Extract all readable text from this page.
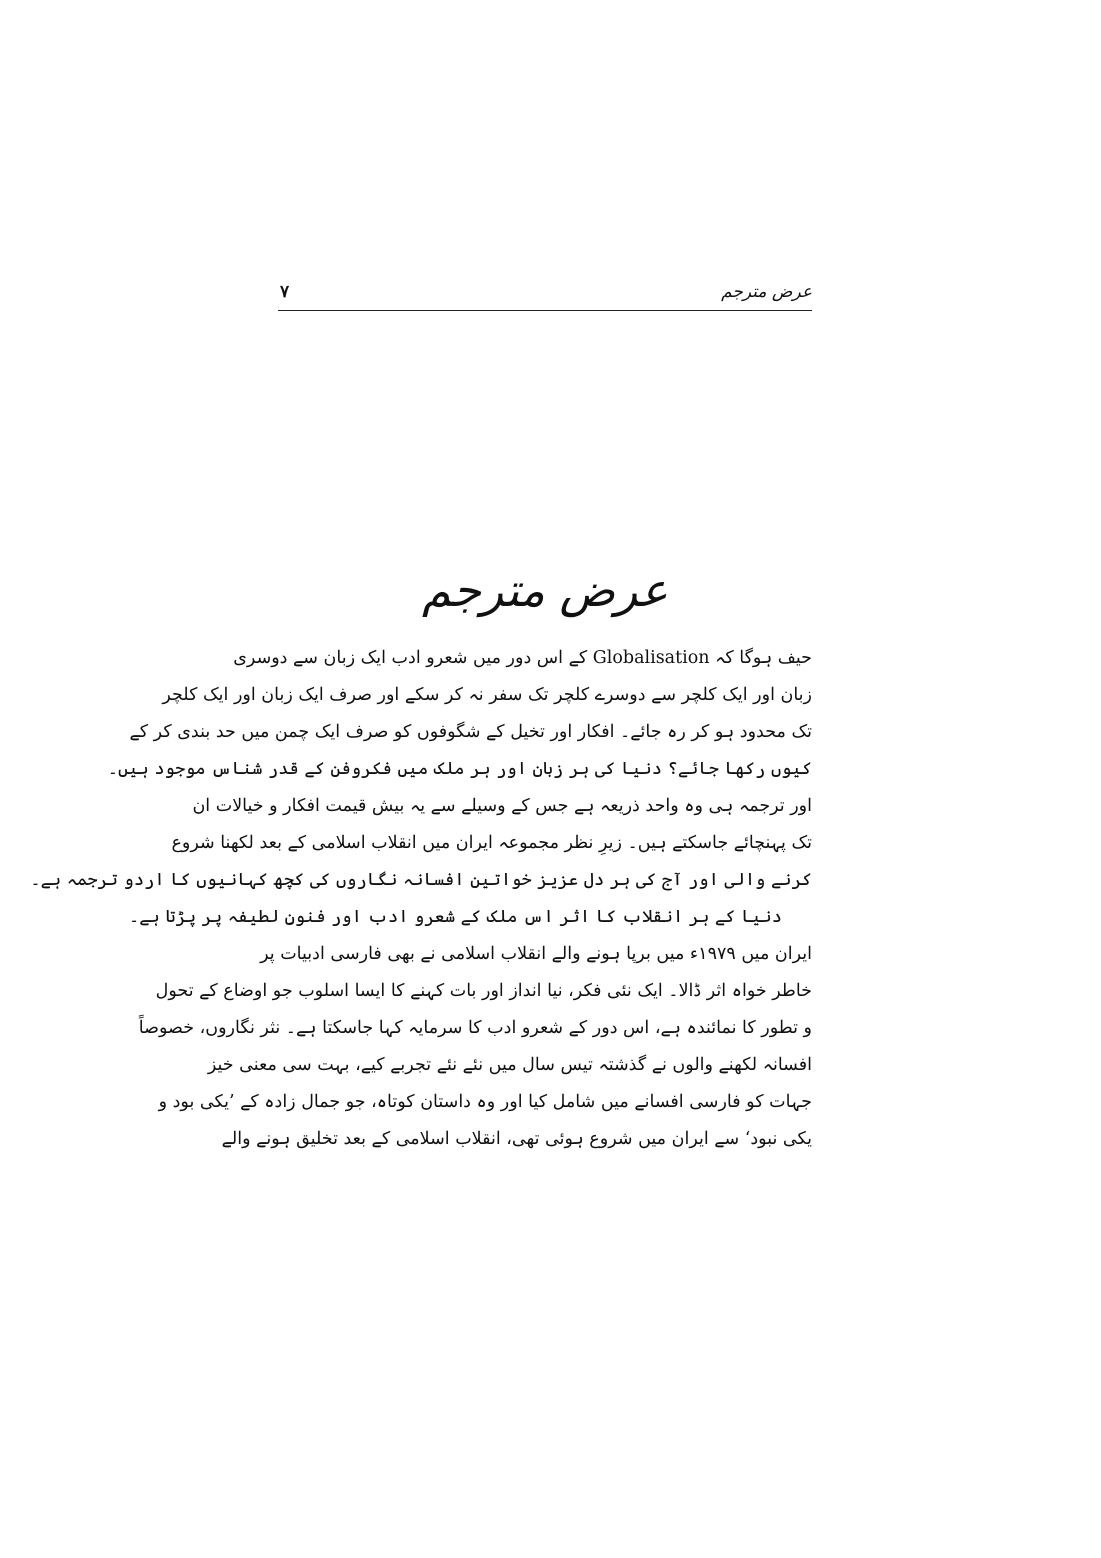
عرض مترجم
۷
عرض مترجم
حیف ہوگا کہ Globalisation کے اس دور میں شعرو ادب ایک زبان سے دوسری
زبان اور ایک کلچر سے دوسرے کلچر تک سفر نہ کر سکے اور صرف ایک زبان اور ایک کلچر
تک محدود ہو کر رہ جائے۔ افکار اور تخیل کے شگوفوں کو صرف ایک چمن میں حد بندی کر کے
کیوں رکھا جائے؟ دنیا کی ہر زبان اور ہر ملک میں فکروفن کے قدر شناس موجود ہیں۔
اور ترجمہ ہی وہ واحد ذریعہ ہے جس کے وسیلے سے یہ بیش قیمت افکار و خیالات ان
تک پہنچائے جاسکتے ہیں۔ زیرِ نظر مجموعہ ایران میں انقلاب اسلامی کے بعد لکھنا شروع
کرنے والی اور آج کی ہر دل عزیز خواتین افسانہ نگاروں کی کچھ کہانیوں کا اردو ترجمہ ہے۔
دنیا کے ہر انقلاب کا اثر اس ملک کے شعرو ادب اور فنونِ لطیفہ پر پڑتا ہے۔
ایران میں ۱۹۷۹ء میں برپا ہونے والے انقلاب اسلامی نے بھی فارسی ادبیات پر
خاطر خواہ اثر ڈالا۔ ایک نئی فکر، نیا انداز اور بات کہنے کا ایسا اسلوب جو اوضاع کے تحول
و تطور کا نمائندہ ہے، اس دور کے شعرو ادب کا سرمایہ کہا جاسکتا ہے۔ نثر نگاروں، خصوصاً
افسانہ لکھنے والوں نے گذشتہ تیس سال میں نئے نئے تجربے کیے، بہت سی معنی خیز
جہات کو فارسی افسانے میں شامل کیا اور وہ داستان کوتاہ، جو جمال زادہ کے ’یکی بود و
یکی نبود‘ سے ایران میں شروع ہوئی تھی، انقلاب اسلامی کے بعد تخلیق ہونے والے
